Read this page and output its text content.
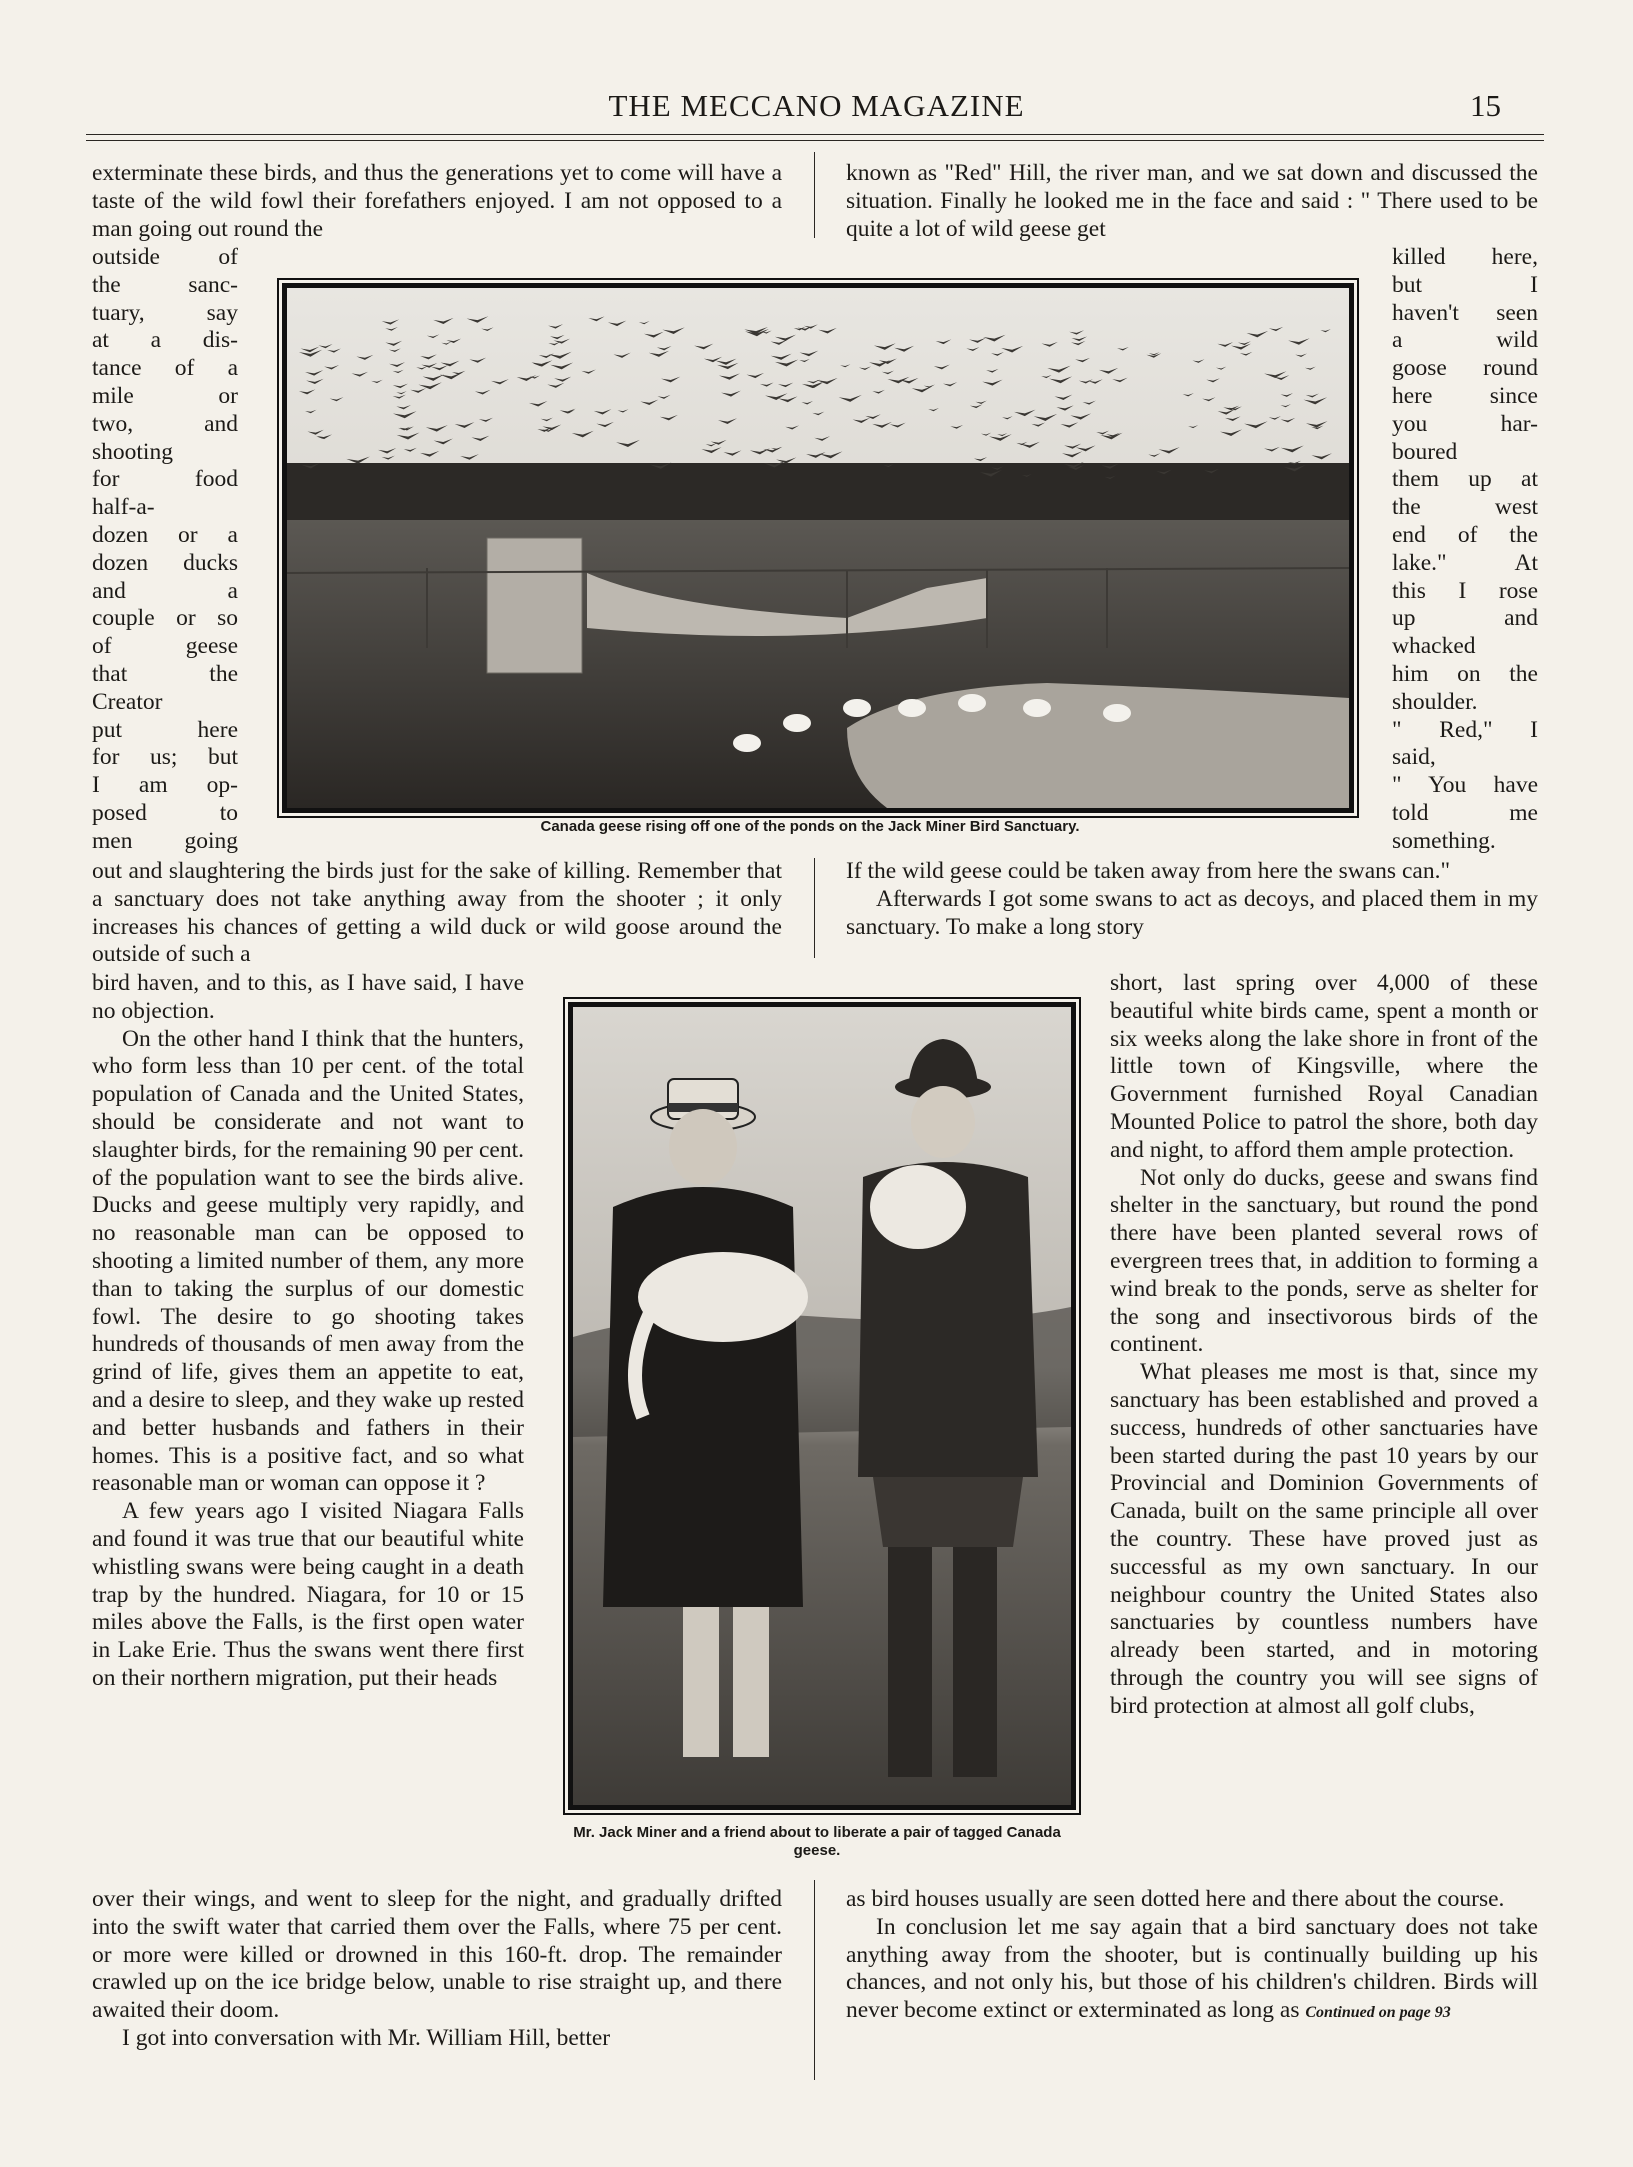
THE MECCANO MAGAZINE	15

exterminate these birds, and thus the generations yet to come will have a taste of the wild fowl their forefathers enjoyed. I am not opposed to a man going out round the

outside of
the sanc-
tuary, say
at a dis-
tance of a
mile or
two, and
shooting
for food
half-a-
dozen or a
dozen ducks
and a
couple or so
of geese
that the
Creator
put here
for us; but
I am op-
posed to
men going

known as "Red" Hill, the river man, and we sat down and discussed the situation. Finally he looked me in the face and said : " There used to be quite a lot of wild geese get

killed here,
but I
haven't seen
a wild
goose round
here since
you har-
boured
them up at
the west
end of the
lake." At
this I rose
up and
whacked
him on the
shoulder.
" Red," I
said,
" You have
told me
something.
Canada geese rising off one of the ponds on the Jack Miner Bird Sanctuary.

out and slaughtering the birds just for the sake of killing. Remember that a sanctuary does not take anything away from the shooter ; it only increases his chances of getting a wild duck or wild goose around the outside of such a

If the wild geese could be taken away from here the swans can."

Afterwards I got some swans to act as decoys, and placed them in my sanctuary. To make a long story

bird haven, and to this, as I have said, I have no objection.

On the other hand I think that the hunters, who form less than 10 per cent. of the total population of Canada and the United States, should be considerate and not want to slaughter birds, for the remaining 90 per cent. of the population want to see the birds alive. Ducks and geese multiply very rapidly, and no reasonable man can be opposed to shooting a limited number of them, any more than to taking the surplus of our domestic fowl. The desire to go shooting takes hundreds of thousands of men away from the grind of life, gives them an appetite to eat, and a desire to sleep, and they wake up rested and better husbands and fathers in their homes. This is a positive fact, and so what reasonable man or woman can oppose it ?

A few years ago I visited Niagara Falls and found it was true that our beautiful white whistling swans were being caught in a death trap by the hundred. Niagara, for 10 or 15 miles above the Falls, is the first open water in Lake Erie. Thus the swans went there first on their northern migration, put their heads

Mr. Jack Miner and a friend about to liberate a pair of tagged Canada geese.

short, last spring over 4,000 of these beautiful white birds came, spent a month or six weeks along the lake shore in front of the little town of Kingsville, where the Government furnished Royal Canadian Mounted Police to patrol the shore, both day and night, to afford them ample protection.

Not only do ducks, geese and swans find shelter in the sanctuary, but round the pond there have been planted several rows of evergreen trees that, in addition to forming a wind break to the ponds, serve as shelter for the song and insectivorous birds of the continent.

What pleases me most is that, since my sanctuary has been established and proved a success, hundreds of other sanctuaries have been started during the past 10 years by our Provincial and Dominion Governments of Canada, built on the same principle all over the country. These have proved just as successful as my own sanctuary. In our neighbour country the United States also sanctuaries by countless numbers have already been started, and in motoring through the country you will see signs of bird protection at almost all golf clubs,

over their wings, and went to sleep for the night, and gradually drifted into the swift water that carried them over the Falls, where 75 per cent. or more were killed or drowned in this 160-ft. drop. The remainder crawled up on the ice bridge below, unable to rise straight up, and there awaited their doom.

I got into conversation with Mr. William Hill, better

as bird houses usually are seen dotted here and there about the course.

In conclusion let me say again that a bird sanctuary does not take anything away from the shooter, but is continually building up his chances, and not only his, but those of his children's children. Birds will never become extinct or exterminated as long as Continued on page 93
